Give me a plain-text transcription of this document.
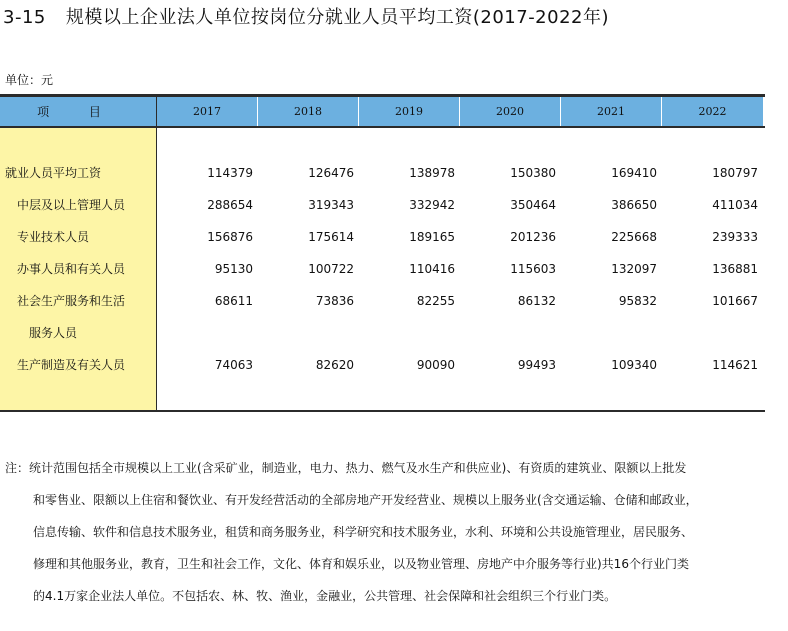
3-15 规模以上企业法人单位按岗位分就业人员平均工资(2017-2022年)
单位：元
项 目	2017	2018	2019	2020	2021	2022
就业人员平均工资	114379	126476	138978	150380	169410	180797
中层及以上管理人员	288654	319343	332942	350464	386650	411034
专业技术人员	156876	175614	189165	201236	225668	239333
办事人员和有关人员	95130	100722	110416	115603	132097	136881
社会生产服务和生活	68611	73836	82255	86132	95832	101667
服务人员
生产制造及有关人员	74063	82620	90090	99493	109340	114621
注：统计范围包括全市规模以上工业(含采矿业，制造业，电力、热力、燃气及水生产和供应业)、有资质的建筑业、限额以上批发
和零售业、限额以上住宿和餐饮业、有开发经营活动的全部房地产开发经营业、规模以上服务业(含交通运输、仓储和邮政业，
信息传输、软件和信息技术服务业，租赁和商务服务业，科学研究和技术服务业，水利、环境和公共设施管理业，居民服务、
修理和其他服务业，教育，卫生和社会工作，文化、体育和娱乐业，以及物业管理、房地产中介服务等行业)共16个行业门类
的4.1万家企业法人单位。不包括农、林、牧、渔业，金融业，公共管理、社会保障和社会组织三个行业门类。
